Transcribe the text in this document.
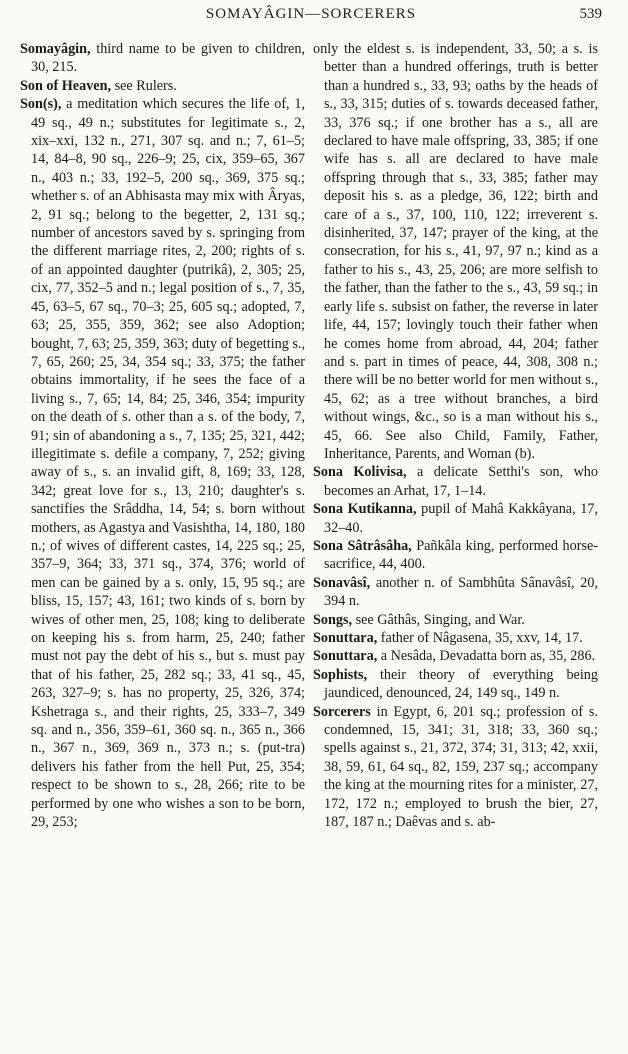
SOMAYÂGIN—SORCERERS	539

Somayâgin, third name to be given to children, 30, 215.

Son of Heaven, see Rulers.

Son(s), a meditation which secures the life of, 1, 49 sq., 49 n.; substitutes for legitimate s., 2, xix–xxi, 132 n., 271, 307 sq. and n.; 7, 61–5; 14, 84–8, 90 sq., 226–9; 25, cix, 359–65, 367 n., 403 n.; 33, 192–5, 200 sq., 369, 375 sq.; whether s. of an Abhisasta may mix with Âryas, 2, 91 sq.; belong to the begetter, 2, 131 sq.; number of ancestors saved by s. springing from the different marriage rites, 2, 200; rights of s. of an appointed daughter (putrikâ), 2, 305; 25, cix, 77, 352–5 and n.; legal position of s., 7, 35, 45, 63–5, 67 sq., 70–3; 25, 605 sq.; adopted, 7, 63; 25, 355, 359, 362; see also Adoption; bought, 7, 63; 25, 359, 363; duty of begetting s., 7, 65, 260; 25, 34, 354 sq.; 33, 375; the father obtains immortality, if he sees the face of a living s., 7, 65; 14, 84; 25, 346, 354; impurity on the death of s. other than a s. of the body, 7, 91; sin of abandoning a s., 7, 135; 25, 321, 442; illegitimate s. defile a company, 7, 252; giving away of s., s. an invalid gift, 8, 169; 33, 128, 342; great love for s., 13, 210; daughter's s. sanctifies the Srâddha, 14, 54; s. born without mothers, as Agastya and Vasishtha, 14, 180, 180 n.; of wives of different castes, 14, 225 sq.; 25, 357–9, 364; 33, 371 sq., 374, 376; world of men can be gained by a s. only, 15, 95 sq.; are bliss, 15, 157; 43, 161; two kinds of s. born by wives of other men, 25, 108; king to deliberate on keeping his s. from harm, 25, 240; father must not pay the debt of his s., but s. must pay that of his father, 25, 282 sq.; 33, 41 sq., 45, 263, 327–9; s. has no property, 25, 326, 374; Kshetraga s., and their rights, 25, 333–7, 349 sq. and n., 356, 359–61, 360 sq. n., 365 n., 366 n., 367 n., 369, 369 n., 373 n.; s. (put-tra) delivers his father from the hell Put, 25, 354; respect to be shown to s., 28, 266; rite to be performed by one who wishes a son to be born, 29, 253;

only the eldest s. is independent, 33, 50; a s. is better than a hundred offerings, truth is better than a hundred s., 33, 93; oaths by the heads of s., 33, 315; duties of s. towards deceased father, 33, 376 sq.; if one brother has a s., all are declared to have male offspring, 33, 385; if one wife has s. all are declared to have male offspring through that s., 33, 385; father may deposit his s. as a pledge, 36, 122; birth and care of a s., 37, 100, 110, 122; irreverent s. disinherited, 37, 147; prayer of the king, at the consecration, for his s., 41, 97, 97 n.; kind as a father to his s., 43, 25, 206; are more selfish to the father, than the father to the s., 43, 59 sq.; in early life s. subsist on father, the reverse in later life, 44, 157; lovingly touch their father when he comes home from abroad, 44, 204; father and s. part in times of peace, 44, 308, 308 n.; there will be no better world for men without s., 45, 62; as a tree without branches, a bird without wings, &c., so is a man without his s., 45, 66. See also Child, Family, Father, Inheritance, Parents, and Woman (b).

Sona Kolivisa, a delicate Setthi's son, who becomes an Arhat, 17, 1–14.

Sona Kutikanna, pupil of Mahâ Kakkâyana, 17, 32–40.

Sona Sâtrâsâha, Pañkâla king, performed horse-sacrifice, 44, 400.

Sonavâsî, another n. of Sambhûta Sânavâsî, 20, 394 n.

Songs, see Gâthâs, Singing, and War.

Sonuttara, father of Nâgasena, 35, xxv, 14, 17.

Sonuttara, a Nesâda, Devadatta born as, 35, 286.

Sophists, their theory of everything being jaundiced, denounced, 24, 149 sq., 149 n.

Sorcerers in Egypt, 6, 201 sq.; profession of s. condemned, 15, 341; 31, 318; 33, 360 sq.; spells against s., 21, 372, 374; 31, 313; 42, xxii, 38, 59, 61, 64 sq., 82, 159, 237 sq.; accompany the king at the mourning rites for a minister, 27, 172, 172 n.; employed to brush the bier, 27, 187, 187 n.; Daêvas and s. ab-
